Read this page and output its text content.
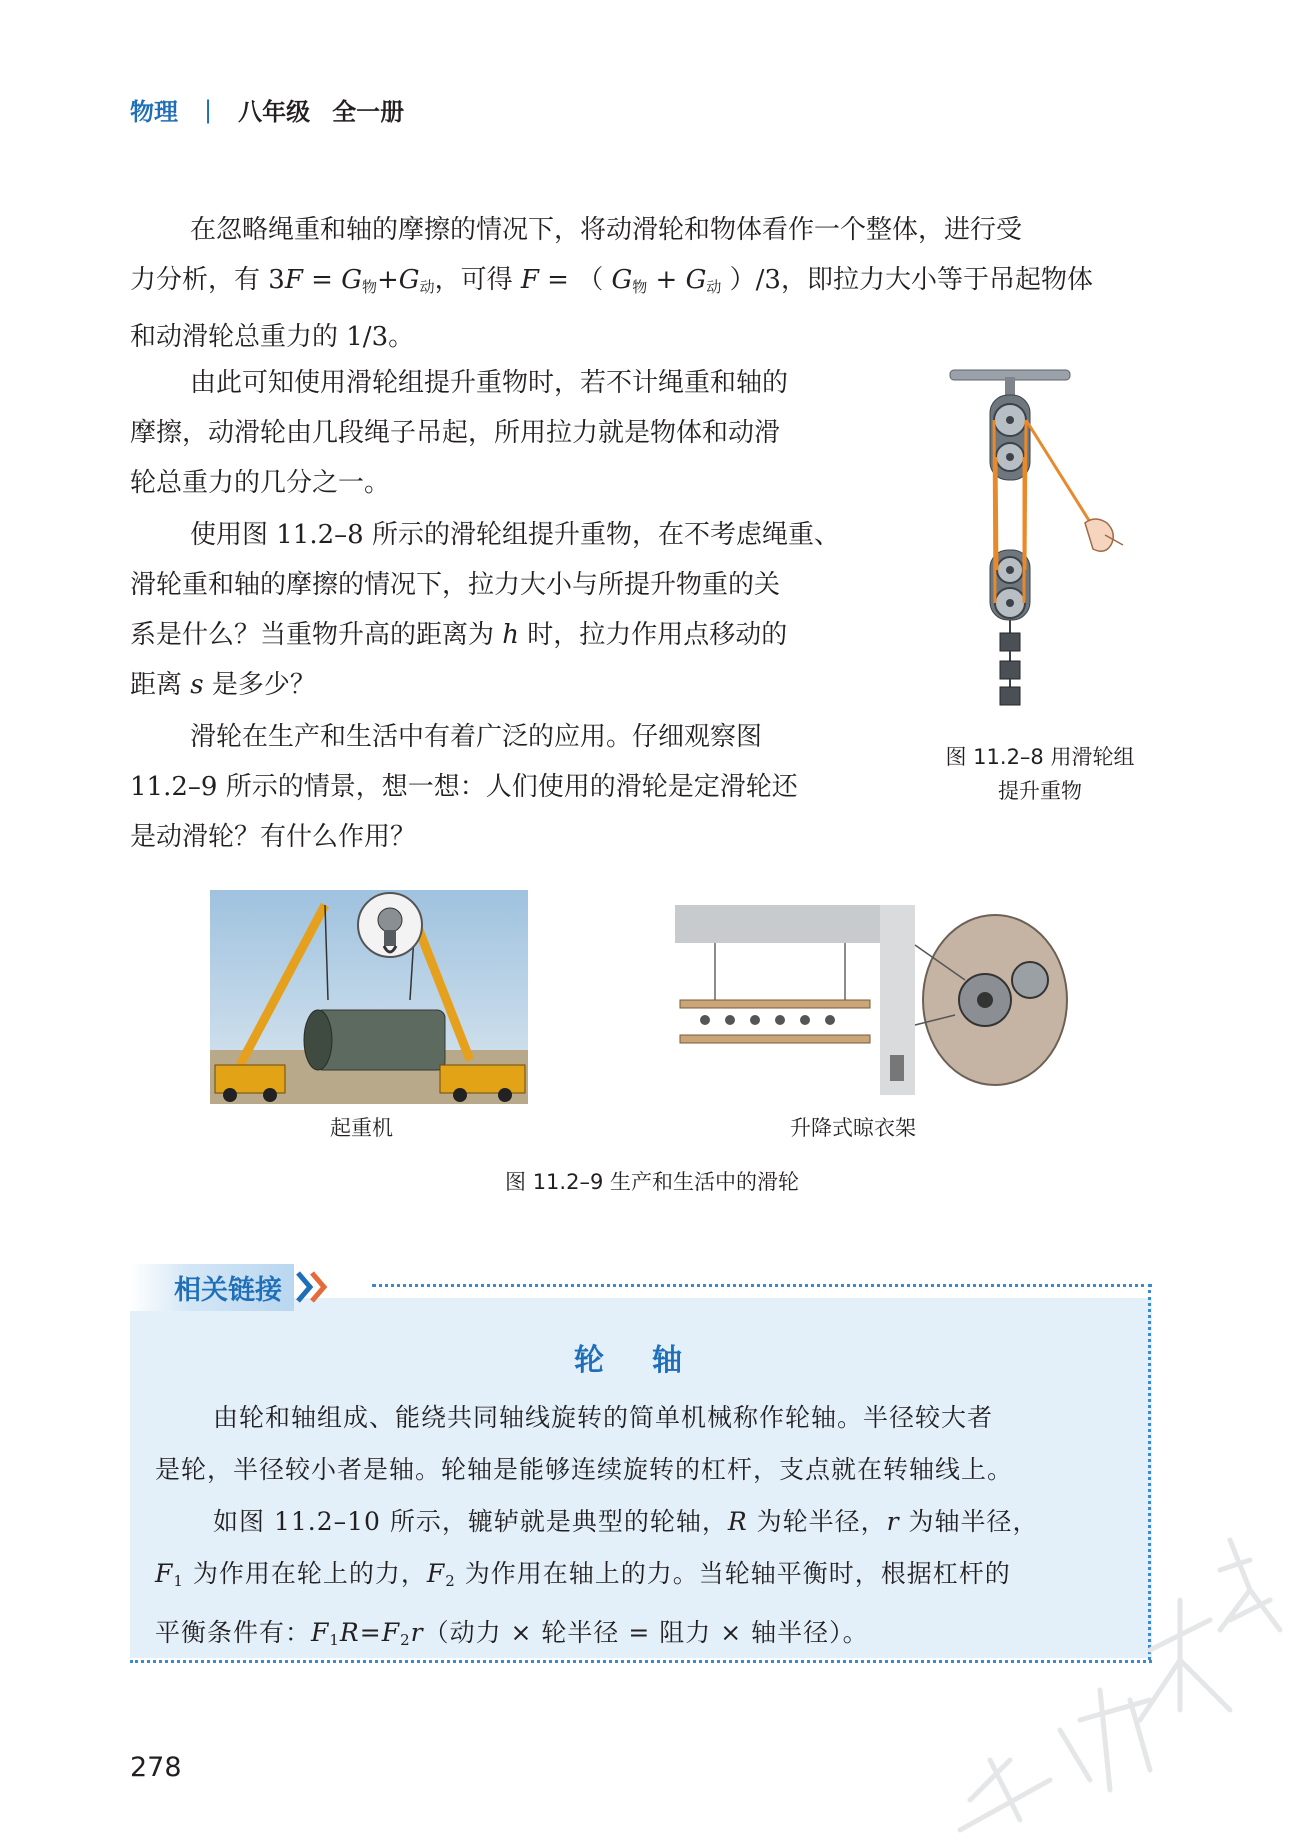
物理 | 八年级 全一册

在忽略绳重和轴的摩擦的情况下，将动滑轮和物体看作一个整体，进行受
力分析，有 $3F = G_物+G_动$，可得 F = （ $G_物 + G_动$ ）/3，即拉力大小等于吊起物体
和动滑轮总重力的 1/3。

由此可知使用滑轮组提升重物时，若不计绳重和轴的
摩擦，动滑轮由几段绳子吊起，所用拉力就是物体和动滑
轮总重力的几分之一。

使用图 11.2–8 所示的滑轮组提升重物，在不考虑绳重、
滑轮重和轴的摩擦的情况下，拉力大小与所提升物重的关
系是什么？当重物升高的距离为 h 时，拉力作用点移动的
距离 s 是多少？

滑轮在生产和生活中有着广泛的应用。仔细观察图
11.2–9 所示的情景，想一想：人们使用的滑轮是定滑轮还
是动滑轮？有什么作用？

图 11.2–8 用滑轮组
提升重物
起重机	升降式晾衣架
图 11.2–9 生产和生活中的滑轮
相关链接
轮轴

由轮和轴组成、能绕共同轴线旋转的简单机械称作轮轴。半径较大者
是轮，半径较小者是轴。轮轴是能够连续旋转的杠杆，支点就在转轴线上。

如图 11.2–10 所示，辘轳就是典型的轮轴，R 为轮半径，r 为轴半径，
$F_1$ 为作用在轮上的力，$F_2$ 为作用在轴上的力。当轮轴平衡时，根据杠杆的
平衡条件有：$F_1R=F_2r$（动力 × 轮半径 = 阻力 × 轴半径）。

278
